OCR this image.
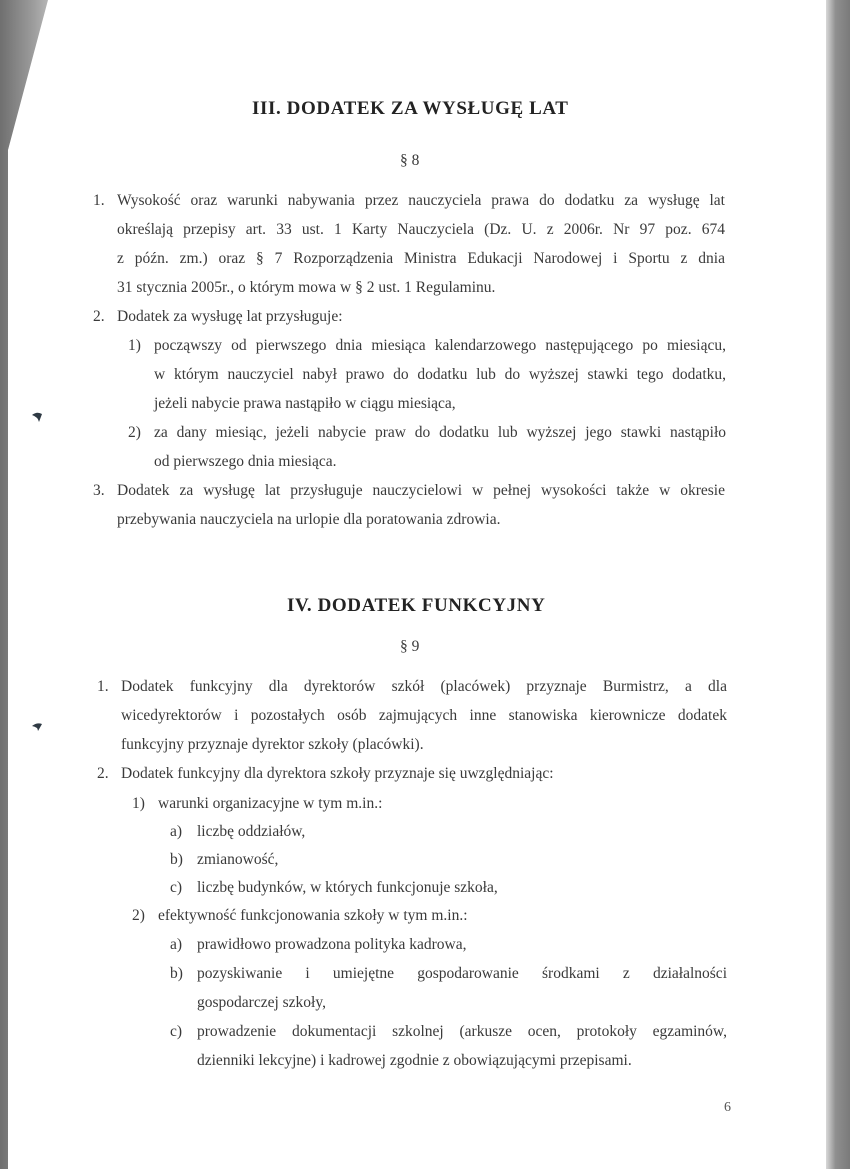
III. DODATEK ZA WYSŁUGĘ LAT

§ 8

1. Wysokość oraz warunki nabywania przez nauczyciela prawa do dodatku za wysługę lat

określają przepisy art. 33 ust. 1 Karty Nauczyciela (Dz. U. z 2006r. Nr 97 poz. 674

z późn. zm.) oraz § 7 Rozporządzenia Ministra Edukacji Narodowej i Sportu z dnia

31 stycznia 2005r., o którym mowa w § 2 ust. 1 Regulaminu.

2. Dodatek za wysługę lat przysługuje:

1) począwszy od pierwszego dnia miesiąca kalendarzowego następującego po miesiącu,

w którym nauczyciel nabył prawo do dodatku lub do wyższej stawki tego dodatku,

jeżeli nabycie prawa nastąpiło w ciągu miesiąca,

2) za dany miesiąc, jeżeli nabycie praw do dodatku lub wyższej jego stawki nastąpiło

od pierwszego dnia miesiąca.

3. Dodatek za wysługę lat przysługuje nauczycielowi w pełnej wysokości także w okresie

przebywania nauczyciela na urlopie dla poratowania zdrowia.

IV. DODATEK FUNKCYJNY

§ 9

1. Dodatek funkcyjny dla dyrektorów szkół (placówek) przyznaje Burmistrz, a dla

wicedyrektorów i pozostałych osób zajmujących inne stanowiska kierownicze dodatek

funkcyjny przyznaje dyrektor szkoły (placówki).

2. Dodatek funkcyjny dla dyrektora szkoły przyznaje się uwzględniając:

1) warunki organizacyjne w tym m.in.:

a) liczbę oddziałów,

b) zmianowość,

c) liczbę budynków, w których funkcjonuje szkoła,

2) efektywność funkcjonowania szkoły w tym m.in.:

a) prawidłowo prowadzona polityka kadrowa,

b) pozyskiwanie i umiejętne gospodarowanie środkami z działalności

gospodarczej szkoły,

c) prowadzenie dokumentacji szkolnej (arkusze ocen, protokoły egzaminów,

dzienniki lekcyjne) i kadrowej zgodnie z obowiązującymi przepisami.

6
